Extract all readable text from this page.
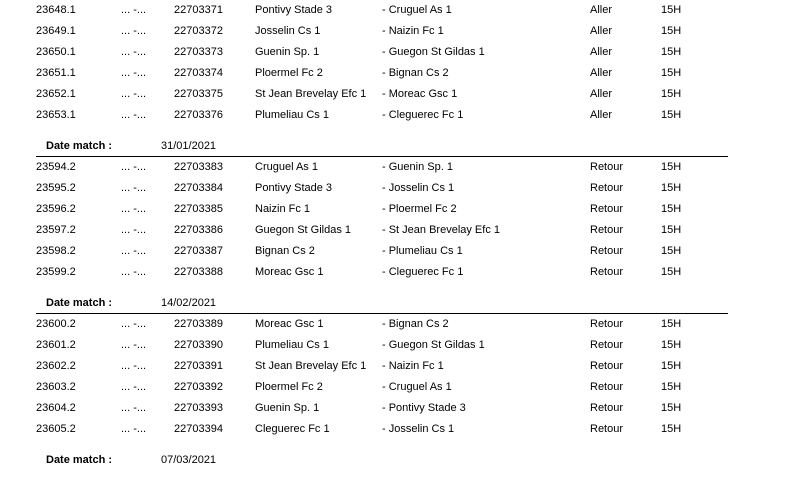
23648.1	... -...	22703371	Pontivy Stade 3	- Cruguel As 1	Aller	15H
23649.1	... -...	22703372	Josselin Cs 1	- Naizin Fc 1	Aller	15H
23650.1	... -...	22703373	Guenin Sp. 1	- Guegon St Gildas 1	Aller	15H
23651.1	... -...	22703374	Ploermel Fc 2	- Bignan Cs 2	Aller	15H
23652.1	... -...	22703375	St Jean Brevelay Efc 1 - Moreac Gsc 1	Aller	15H
23653.1	... -...	22703376	Plumeliau Cs 1	- Cleguerec Fc 1	Aller	15H
Date match :	31/01/2021
23594.2	... -...	22703383	Cruguel As 1	- Guenin Sp. 1	Retour	15H
23595.2	... -...	22703384	Pontivy Stade 3	- Josselin Cs 1	Retour	15H
23596.2	... -...	22703385	Naizin Fc 1	- Ploermel Fc 2	Retour	15H
23597.2	... -...	22703386	Guegon St Gildas 1	- St Jean Brevelay Efc 1	Retour	15H
23598.2	... -...	22703387	Bignan Cs 2	- Plumeliau Cs 1	Retour	15H
23599.2	... -...	22703388	Moreac Gsc 1	- Cleguerec Fc 1	Retour	15H
Date match :	14/02/2021
23600.2	... -...	22703389	Moreac Gsc 1	- Bignan Cs 2	Retour	15H
23601.2	... -...	22703390	Plumeliau Cs 1	- Guegon St Gildas 1	Retour	15H
23602.2	... -...	22703391	St Jean Brevelay Efc 1 - Naizin Fc 1	Retour	15H
23603.2	... -...	22703392	Ploermel Fc 2	- Cruguel As 1	Retour	15H
23604.2	... -...	22703393	Guenin Sp. 1	- Pontivy Stade 3	Retour	15H
23605.2	... -...	22703394	Cleguerec Fc 1	- Josselin Cs 1	Retour	15H
Date match :	07/03/2021
